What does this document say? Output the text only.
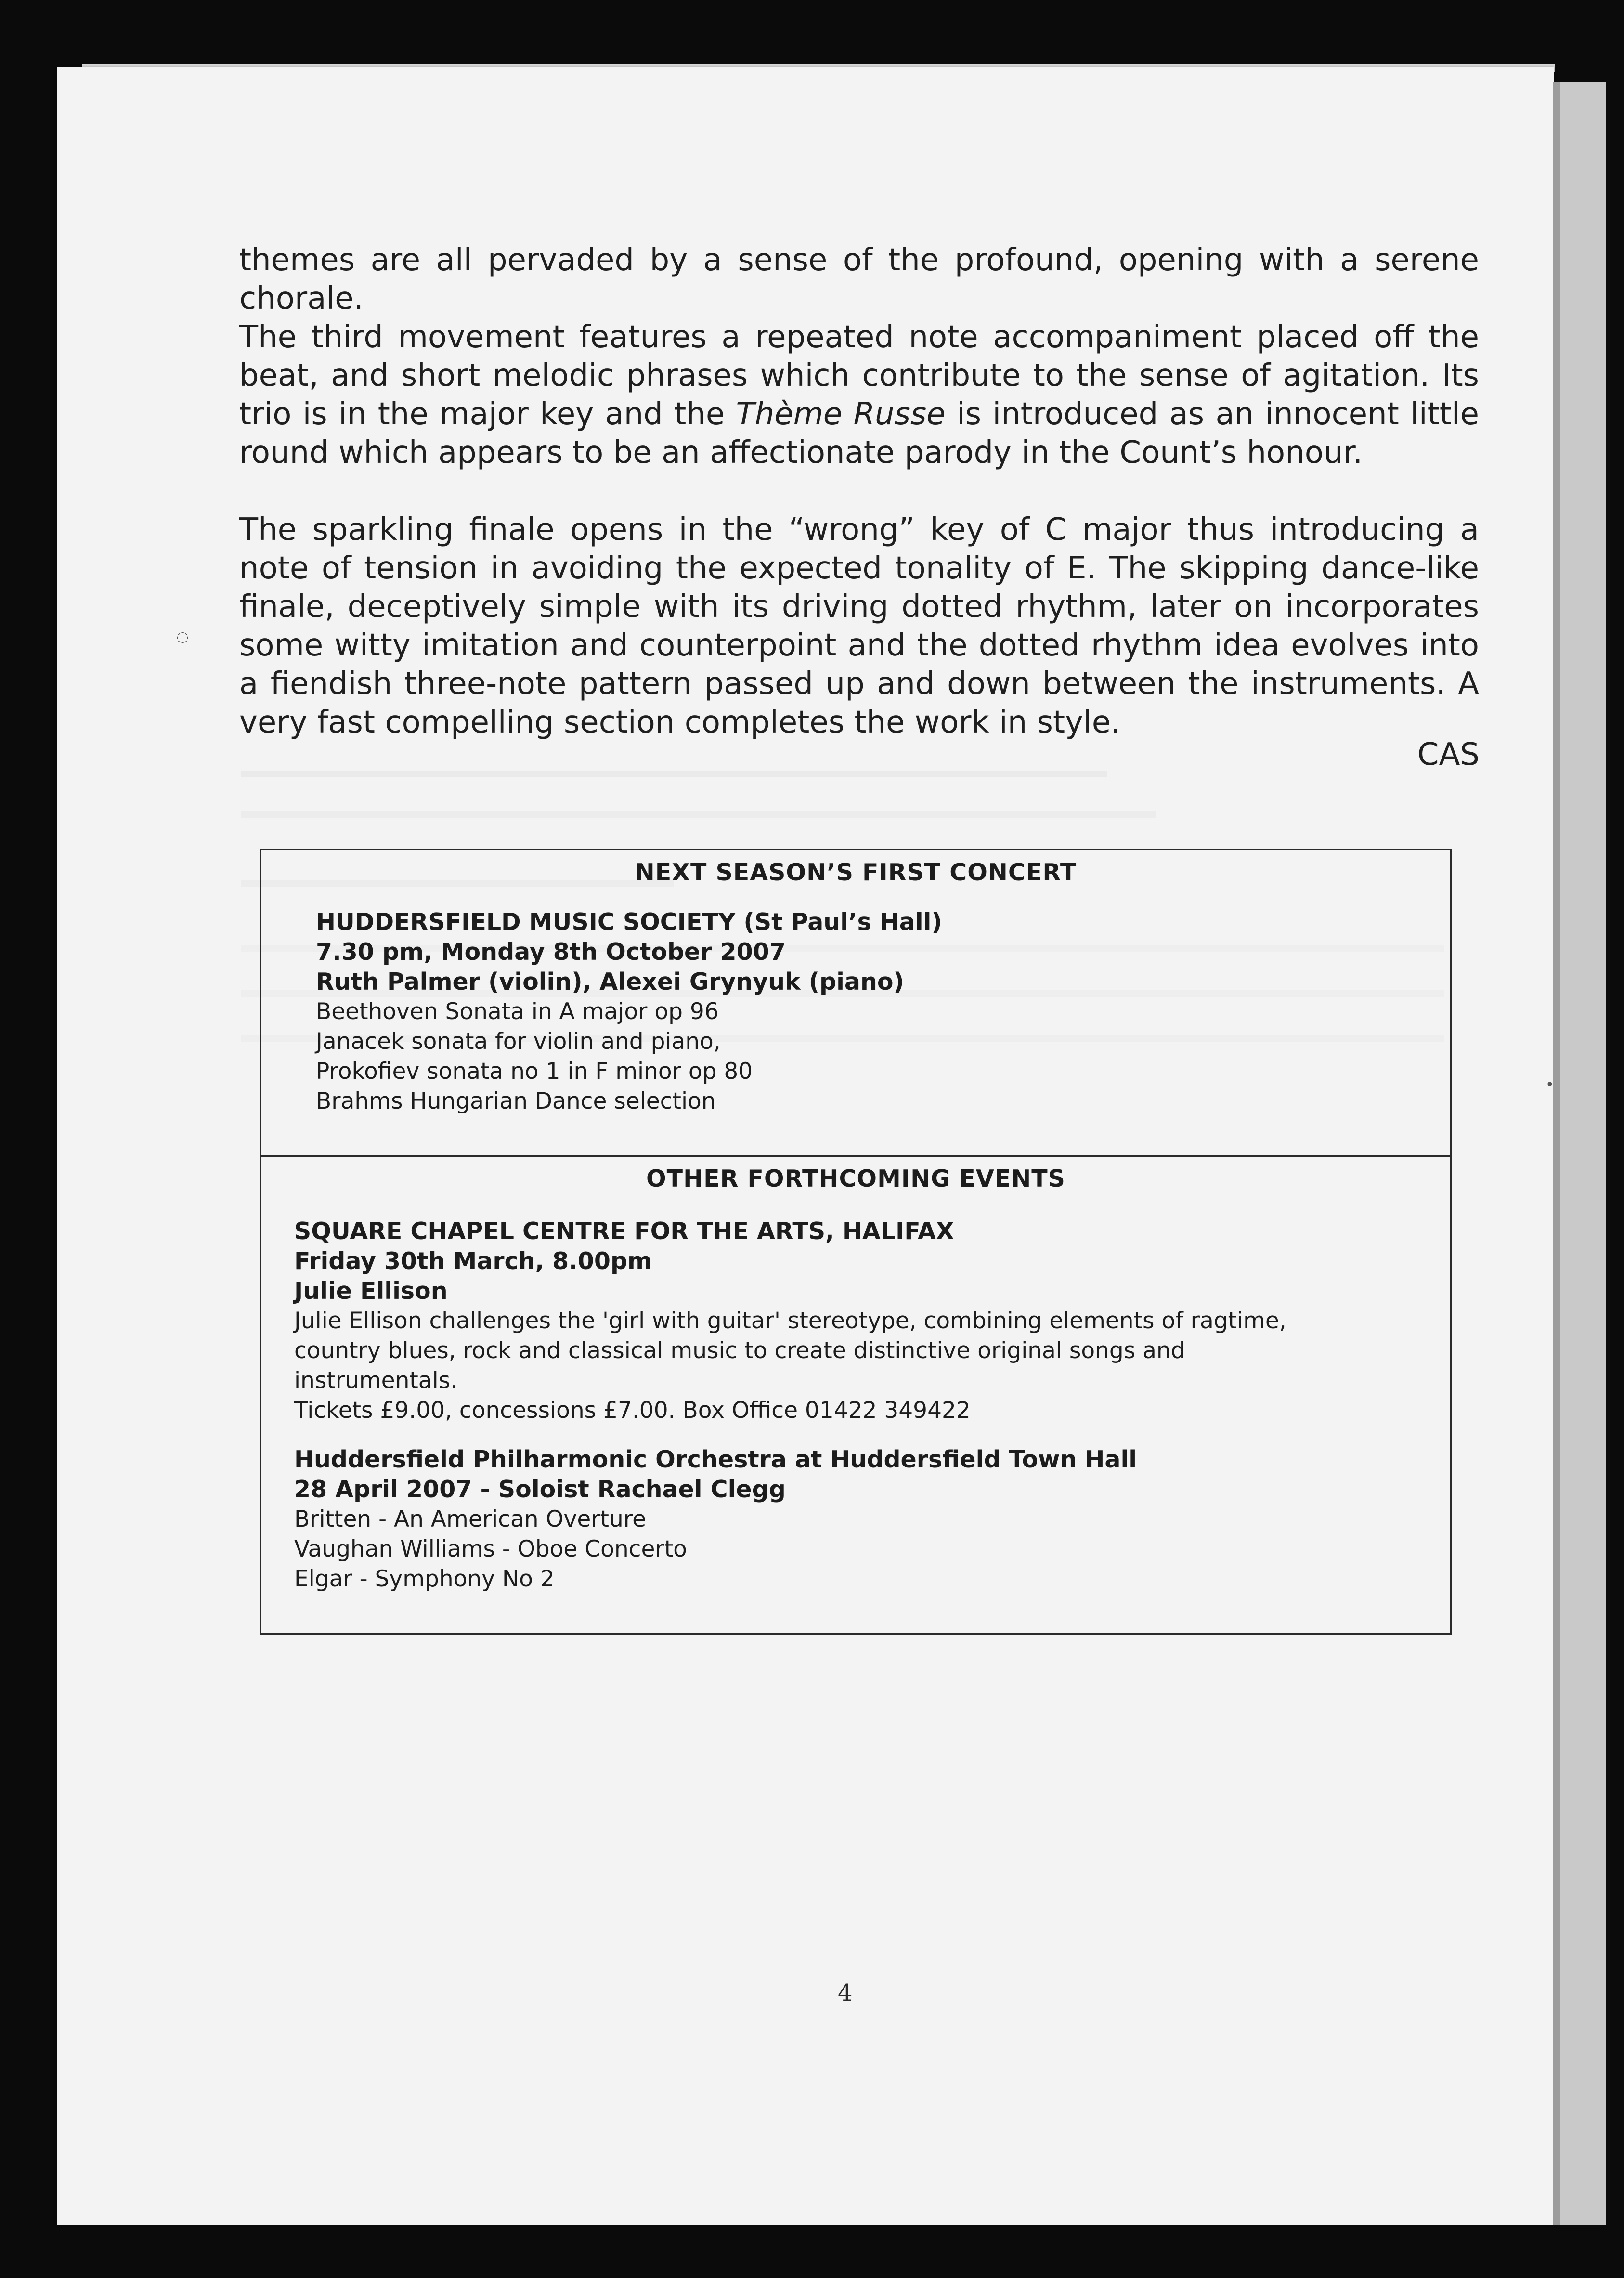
themes are all pervaded by a sense of the profound, opening with a serene chorale.

The third movement features a repeated note accompaniment placed off the beat, and short melodic phrases which contribute to the sense of agitation. Its trio is in the major key and the Thème Russe is introduced as an innocent little round which appears to be an affectionate parody in the Count’s honour.

The sparkling finale opens in the “wrong” key of C major thus introducing a note of tension in avoiding the expected tonality of E. The skipping dance-like finale, deceptively simple with its driving dotted rhythm, later on incorporates some witty imitation and counterpoint and the dotted rhythm idea evolves into a fiendish three-note pattern passed up and down between the instruments. A very fast compelling section completes the work in style.

CAS
NEXT SEASON’S FIRST CONCERT
HUDDERSFIELD MUSIC SOCIETY (St Paul’s Hall)
7.30 pm, Monday 8th October 2007
Ruth Palmer (violin), Alexei Grynyuk (piano)
Beethoven Sonata in A major op 96
Janacek sonata for violin and piano,
Prokofiev sonata no 1 in F minor op 80
Brahms Hungarian Dance selection
OTHER FORTHCOMING EVENTS
SQUARE CHAPEL CENTRE FOR THE ARTS, HALIFAX
Friday 30th March, 8.00pm
Julie Ellison
Julie Ellison challenges the 'girl with guitar' stereotype, combining elements of ragtime,
country blues, rock and classical music to create distinctive original songs and
instrumentals.
Tickets £9.00, concessions £7.00. Box Office 01422 349422
Huddersfield Philharmonic Orchestra at Huddersfield Town Hall
28 April 2007 - Soloist Rachael Clegg
Britten - An American Overture
Vaughan Williams - Oboe Concerto
Elgar - Symphony No 2
4
◌
•
